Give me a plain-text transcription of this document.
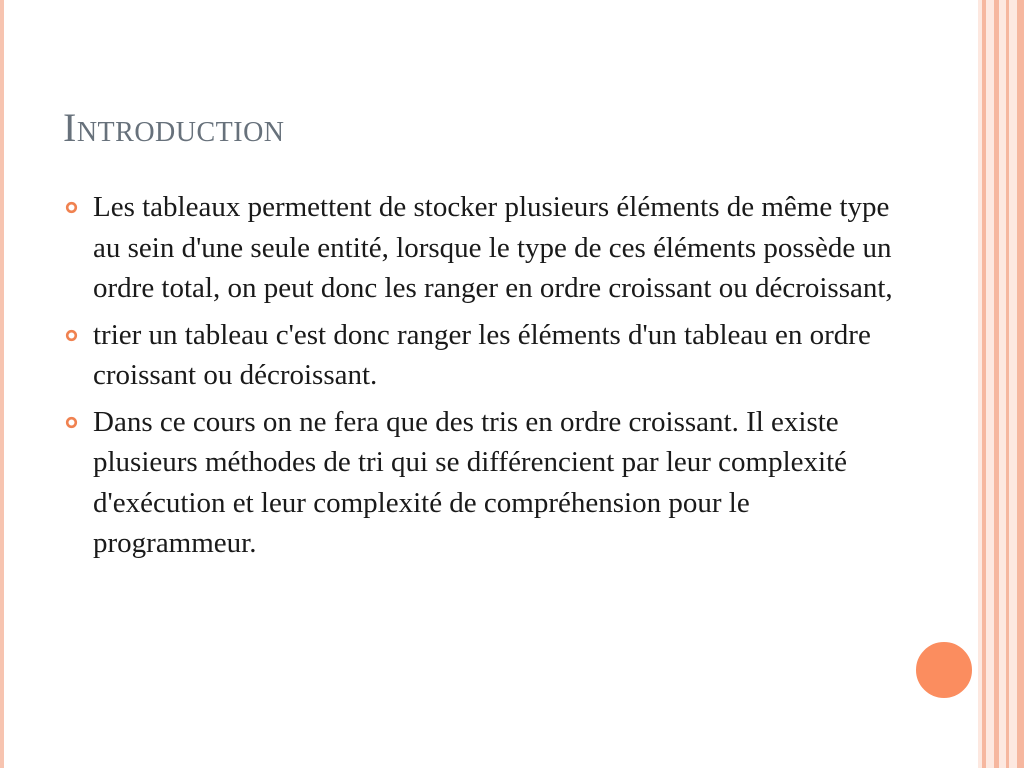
Introduction
Les tableaux permettent de stocker plusieurs éléments de même type au sein d'une seule entité, lorsque le type de ces éléments possède un ordre total, on peut donc les ranger en ordre croissant ou décroissant,
trier un tableau c'est donc ranger les éléments d'un tableau en ordre croissant ou décroissant.
Dans ce cours on ne fera que des tris en ordre croissant. Il existe plusieurs méthodes de tri qui se différencient par leur complexité d'exécution et leur complexité de compréhension pour le programmeur.
